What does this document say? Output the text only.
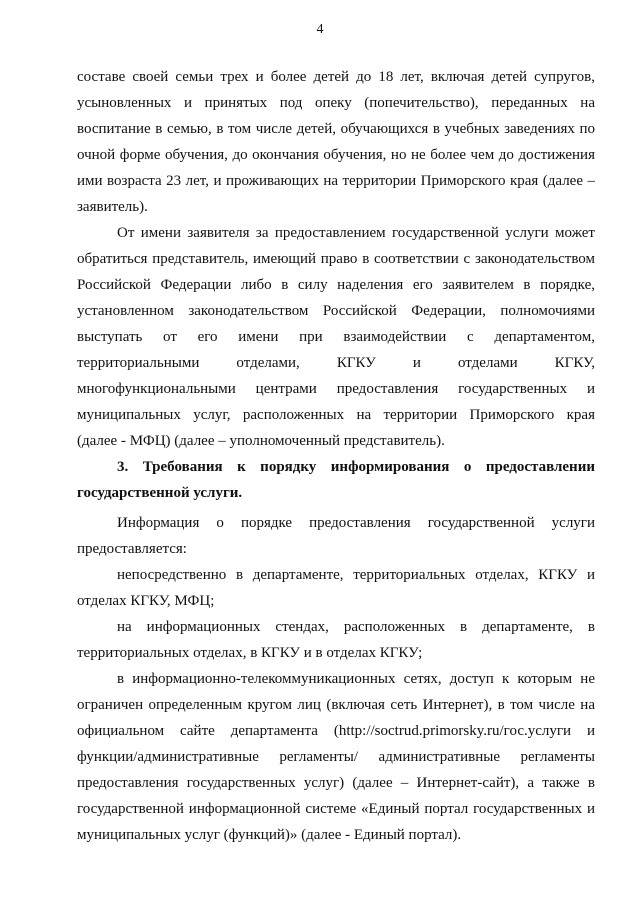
4
составе своей семьи трех и более детей до 18 лет, включая детей супругов,
усыновленных и принятых под опеку (попечительство), переданных на
воспитание в семью, в том числе детей, обучающихся в учебных заведениях по
очной форме обучения, до окончания обучения, но не более чем до достижения
ими возраста 23 лет, и проживающих на территории Приморского края (далее –
заявитель).
От имени заявителя за предоставлением государственной услуги может
обратиться представитель, имеющий право в соответствии с законодательством
Российской Федерации либо в силу наделения его заявителем в порядке,
установленном законодательством Российской Федерации, полномочиями
выступать от его имени при взаимодействии с департаментом,
территориальными отделами, КГКУ и отделами КГКУ,
многофункциональными центрами предоставления государственных и
муниципальных услуг, расположенных на территории Приморского края
(далее - МФЦ) (далее – уполномоченный представитель).
3. Требования к порядку информирования о предоставлении
государственной услуги.
Информация о порядке предоставления государственной услуги
предоставляется:
непосредственно в департаменте, территориальных отделах, КГКУ и
отделах КГКУ, МФЦ;
на информационных стендах, расположенных в департаменте, в
территориальных отделах, в КГКУ и в отделах КГКУ;
в информационно-телекоммуникационных сетях, доступ к которым не
ограничен определенным кругом лиц (включая сеть Интернет), в том числе на
официальном сайте департамента (http://soctrud.primorsky.ru/гос.услуги и
функции/административные регламенты/ административные регламенты
предоставления государственных услуг) (далее – Интернет-сайт), а также в
государственной информационной системе «Единый портал государственных и
муниципальных услуг (функций)» (далее - Единый портал).
